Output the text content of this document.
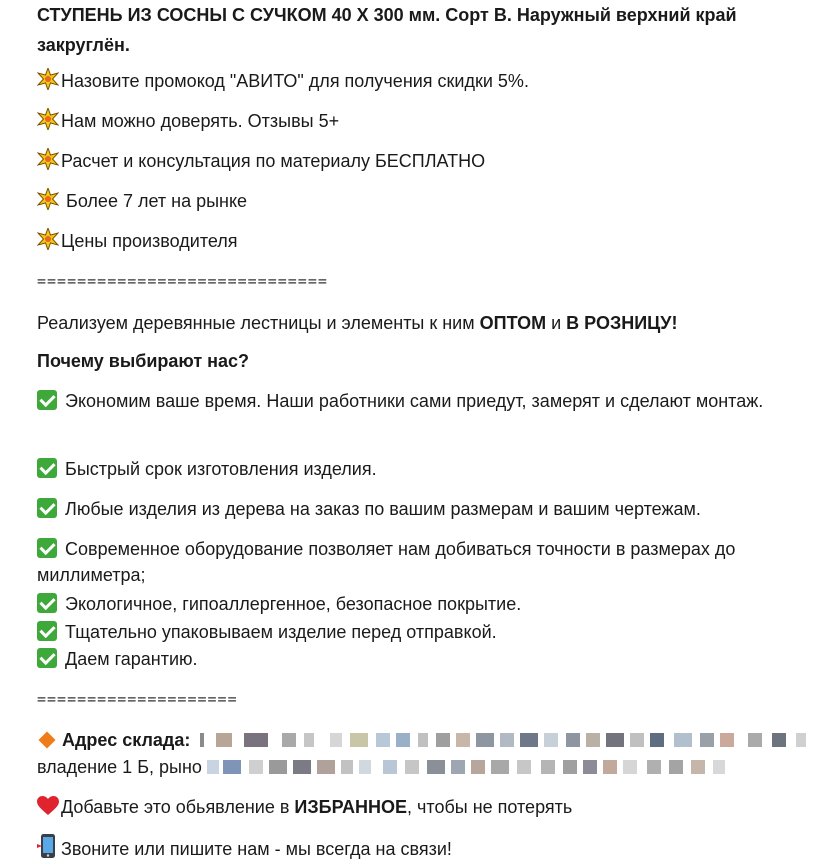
СТУПЕНЬ ИЗ СОСНЫ С СУЧКОМ 40 Х 300 мм. Сорт В. Наружный верхний край закруглён.
Назовите промокод "АВИТО" для получения скидки 5%.
Нам можно доверять. Отзывы 5+
Расчет и консультация по материалу БЕСПЛАТНО
Более 7 лет на рынке
Цены производителя
=============================
Реализуем деревянные лестницы и элементы к ним ОПТОМ и В РОЗНИЦУ!
Почему выбирают нас?
Экономим ваше время. Наши работники сами приедут, замерят и сделают монтаж.
Быстрый срок изготовления изделия.
Любые изделия из дерева на заказ по вашим размерам и вашим чертежам.
Современное оборудование позволяет нам добиваться точности в размерах до миллиметра;
Экологичное, гипоаллергенное, безопасное покрытие.
Тщательно упаковываем изделие перед отправкой.
Даем гарантию.
====================
Адрес склада:
владение 1 Б, рыно
Добавьте это обьявление в ИЗБРАННОЕ, чтобы не потерять
Звоните или пишите нам - мы всегда на связи!
